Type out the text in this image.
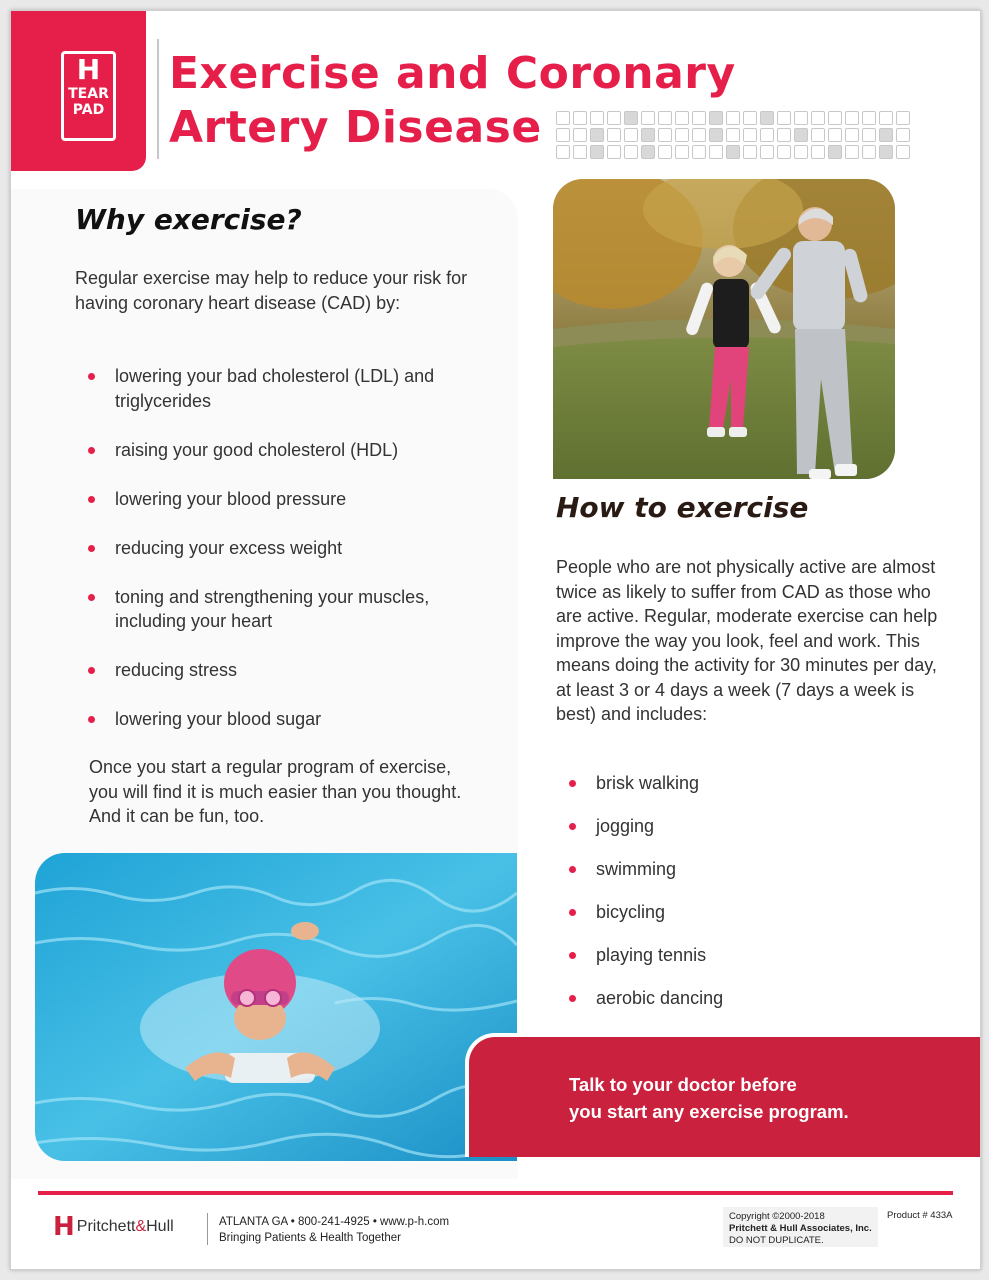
H
TEAR
PAD
Exercise and Coronary
Artery Disease
Why exercise?

Regular exercise may help to reduce your risk for having coronary heart disease (CAD) by:

lowering your bad cholesterol (LDL) and triglycerides
raising your good cholesterol (HDL)
lowering your blood pressure
reducing your excess weight
toning and strengthening your muscles, including your heart
reducing stress
lowering your blood sugar

Once you start a regular program of exercise, you will find it is much easier than you thought. And it can be fun, too.

How to exercise

People who are not physically active are almost twice as likely to suffer from CAD as those who are active. Regular, moderate exercise can help improve the way you look, feel and work. This means doing the activity for 30 minutes per day, at least 3 or 4 days a week (7 days a week is best) and includes:

brisk walking
jogging
swimming
bicycling
playing tennis
aerobic dancing

Talk to your doctor before
you start any exercise program.

H Pritchett & Hull	ATLANTA GA • 800-241-4925 • www.p-h.com
Bringing Patients & Health Together
Copyright ©2000-2018
Pritchett & Hull Associates, Inc.
DO NOT DUPLICATE.
Product # 433A
